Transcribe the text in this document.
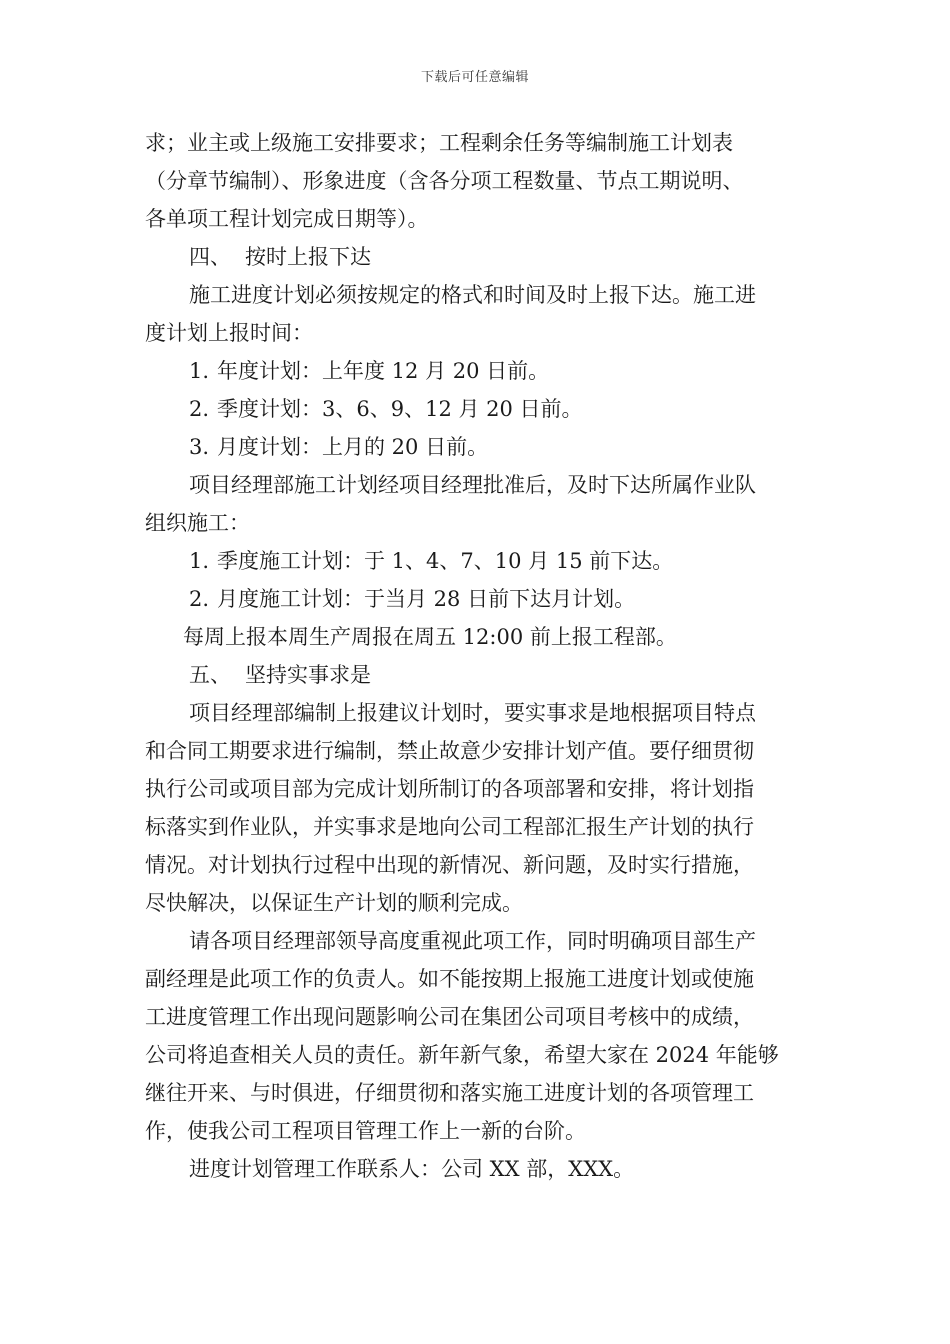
下载后可任意编辑
求；业主或上级施工安排要求；工程剩余任务等编制施工计划表
（分章节编制）、形象进度（含各分项工程数量、节点工期说明、
各单项工程计划完成日期等）。
四、 按时上报下达
施工进度计划必须按规定的格式和时间及时上报下达。施工进
度计划上报时间：
1. 年度计划：上年度 12 月 20 日前。
2. 季度计划：3、6、9、12 月 20 日前。
3. 月度计划：上月的 20 日前。
项目经理部施工计划经项目经理批准后，及时下达所属作业队
组织施工：
1. 季度施工计划：于 1、4、7、10 月 15 前下达。
2. 月度施工计划：于当月 28 日前下达月计划。
每周上报本周生产周报在周五 12:00 前上报工程部。
五、 坚持实事求是
项目经理部编制上报建议计划时，要实事求是地根据项目特点
和合同工期要求进行编制，禁止故意少安排计划产值。要仔细贯彻
执行公司或项目部为完成计划所制订的各项部署和安排，将计划指
标落实到作业队，并实事求是地向公司工程部汇报生产计划的执行
情况。对计划执行过程中出现的新情况、新问题，及时实行措施，
尽快解决，以保证生产计划的顺利完成。
请各项目经理部领导高度重视此项工作，同时明确项目部生产
副经理是此项工作的负责人。如不能按期上报施工进度计划或使施
工进度管理工作出现问题影响公司在集团公司项目考核中的成绩，
公司将追查相关人员的责任。新年新气象，希望大家在 2024 年能够
继往开来、与时俱进，仔细贯彻和落实施工进度计划的各项管理工
作，使我公司工程项目管理工作上一新的台阶。
进度计划管理工作联系人：公司 XX 部，XXX。
